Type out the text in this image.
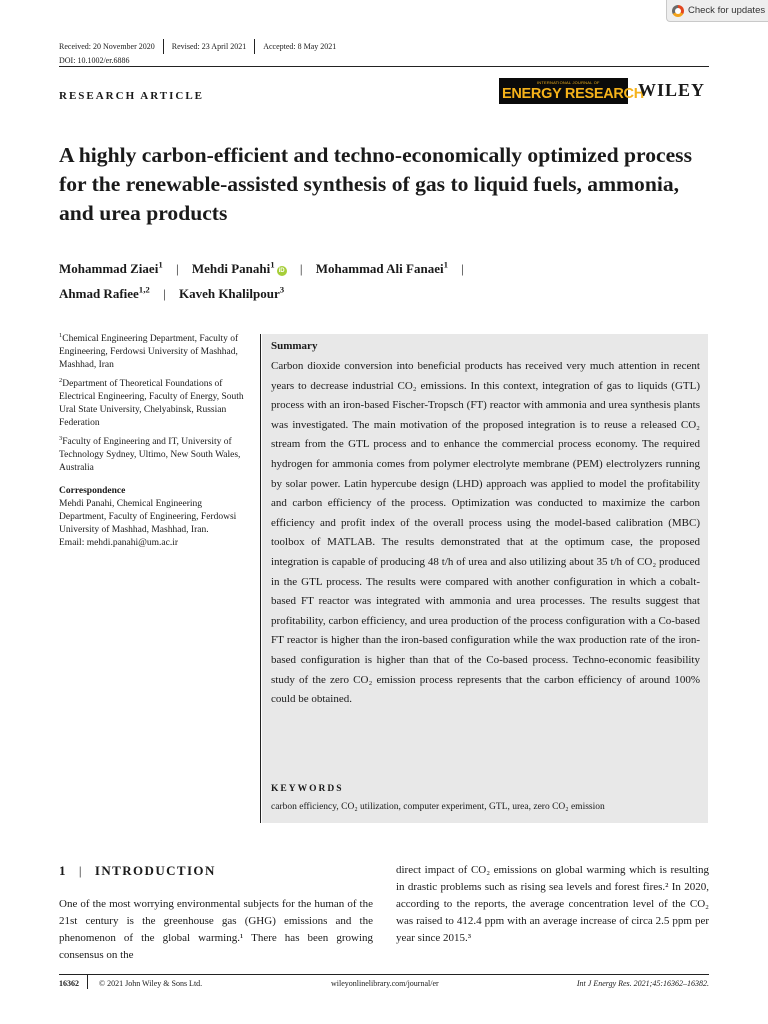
Check for updates
Received: 20 November 2020 Revised: 23 April 2021 Accepted: 8 May 2021
DOI: 10.1002/er.6886
RESEARCH ARTICLE
INTERNATIONAL JOURNAL OF
ENERGY RESEARCH
WILEY
A highly carbon-efficient and techno-economically optimized process for the renewable-assisted synthesis of gas to liquid fuels, ammonia, and urea products
Mohammad Ziaei$^1$ | Mehdi Panahi$^1$iD | Mohammad Ali Fanaei$^1$ |
Ahmad Rafiee$^{1,2}$ | Kaveh Khalilpour$^3$
$^1$Chemical Engineering Department, Faculty of Engineering, Ferdowsi University of Mashhad, Mashhad, Iran
$^2$Department of Theoretical Foundations of Electrical Engineering, Faculty of Energy, South Ural State University, Chelyabinsk, Russian Federation
$^3$Faculty of Engineering and IT, University of Technology Sydney, Ultimo, New South Wales, Australia
Correspondence
Mehdi Panahi, Chemical Engineering Department, Faculty of Engineering, Ferdowsi University of Mashhad, Mashhad, Iran.
Email: mehdi.panahi@um.ac.ir
Summary
Carbon dioxide conversion into beneficial products has received very much attention in recent years to decrease industrial CO₂ emissions. In this context, integration of gas to liquids (GTL) process with an iron-based Fischer-Tropsch (FT) reactor with ammonia and urea synthesis plants was investigated. The main motivation of the proposed integration is to reuse a released CO₂ stream from the GTL process and to enhance the commercial process economy. The required hydrogen for ammonia comes from polymer electrolyte membrane (PEM) electrolyzers running by solar power. Latin hypercube design (LHD) approach was applied to model the profitability and carbon efficiency of the process. Optimization was conducted to maximize the carbon efficiency and profit index of the overall process using the model-based calibration (MBC) toolbox of MATLAB. The results demonstrated that at the optimum case, the proposed integration is capable of producing 48 t/h of urea and also utilizing about 35 t/h of CO₂ produced in the GTL process. The results were compared with another configuration in which a cobalt-based FT reactor was integrated with ammonia and urea processes. The results suggest that profitability, carbon efficiency, and urea production of the process configuration with a Co-based FT reactor is higher than the iron-based configuration while the wax production rate of the iron-based configuration is higher than that of the Co-based process. Techno-economic feasibility study of the zero CO₂ emission process represents that the carbon efficiency of around 100% could be obtained.
KEYWORDS
carbon efficiency, CO₂ utilization, computer experiment, GTL, urea, zero CO₂ emission
1 | INTRODUCTION
One of the most worrying environmental subjects for the human of the 21st century is the greenhouse gas (GHG) emissions and the phenomenon of the global warming.¹ There has been growing consensus on the
direct impact of CO₂ emissions on global warming which is resulting in drastic problems such as rising sea levels and forest fires.² In 2020, according to the reports, the average concentration level of the CO₂ was raised to 412.4 ppm with an average increase of circa 2.5 ppm per year since 2015.³
16362	© 2021 John Wiley & Sons Ltd.	wileyonlinelibrary.com/journal/er	Int J Energy Res. 2021;45:16362–16382.
